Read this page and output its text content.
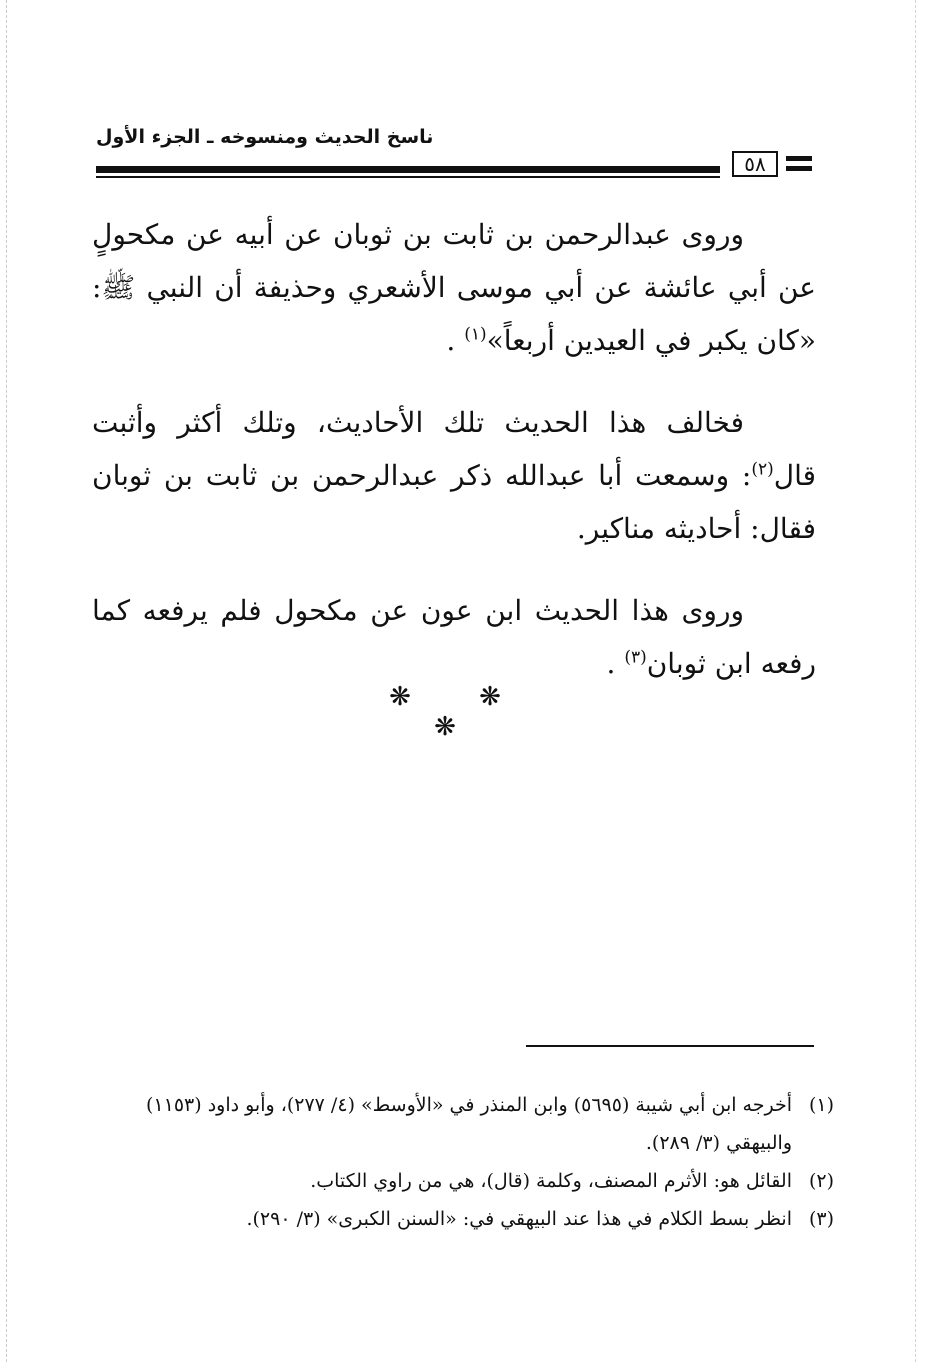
ناسخ الحديث ومنسوخه ـ الجزء الأول
٥٨

وروى عبدالرحمن بن ثابت بن ثوبان عن أبيه عن مكحولٍ عن أبي عائشة عن أبي موسى الأشعري وحذيفة أن النبي ﷺ: «كان يكبر في العيدين أربعاً»$^{(١)}$ .

فخالف هذا الحديث تلك الأحاديث، وتلك أكثر وأثبت قال$^{(٢)}$: وسمعت أبا عبدالله ذكر عبدالرحمن بن ثابت بن ثوبان فقال: أحاديثه مناكير.

وروى هذا الحديث ابن عون عن مكحول فلم يرفعه كما رفعه ابن ثوبان$^{(٣)}$ .

❋ ❋ ❋
(١)
أخرجه ابن أبي شيبة (٥٦٩٥) وابن المنذر في «الأوسط» (٤/ ٢٧٧)، وأبو داود (١١٥٣) والبيهقي (٣/ ٢٨٩).
(٢)
القائل هو: الأثرم المصنف، وكلمة (قال)، هي من راوي الكتاب.
(٣)
انظر بسط الكلام في هذا عند البيهقي في: «السنن الكبرى» (٣/ ٢٩٠).
